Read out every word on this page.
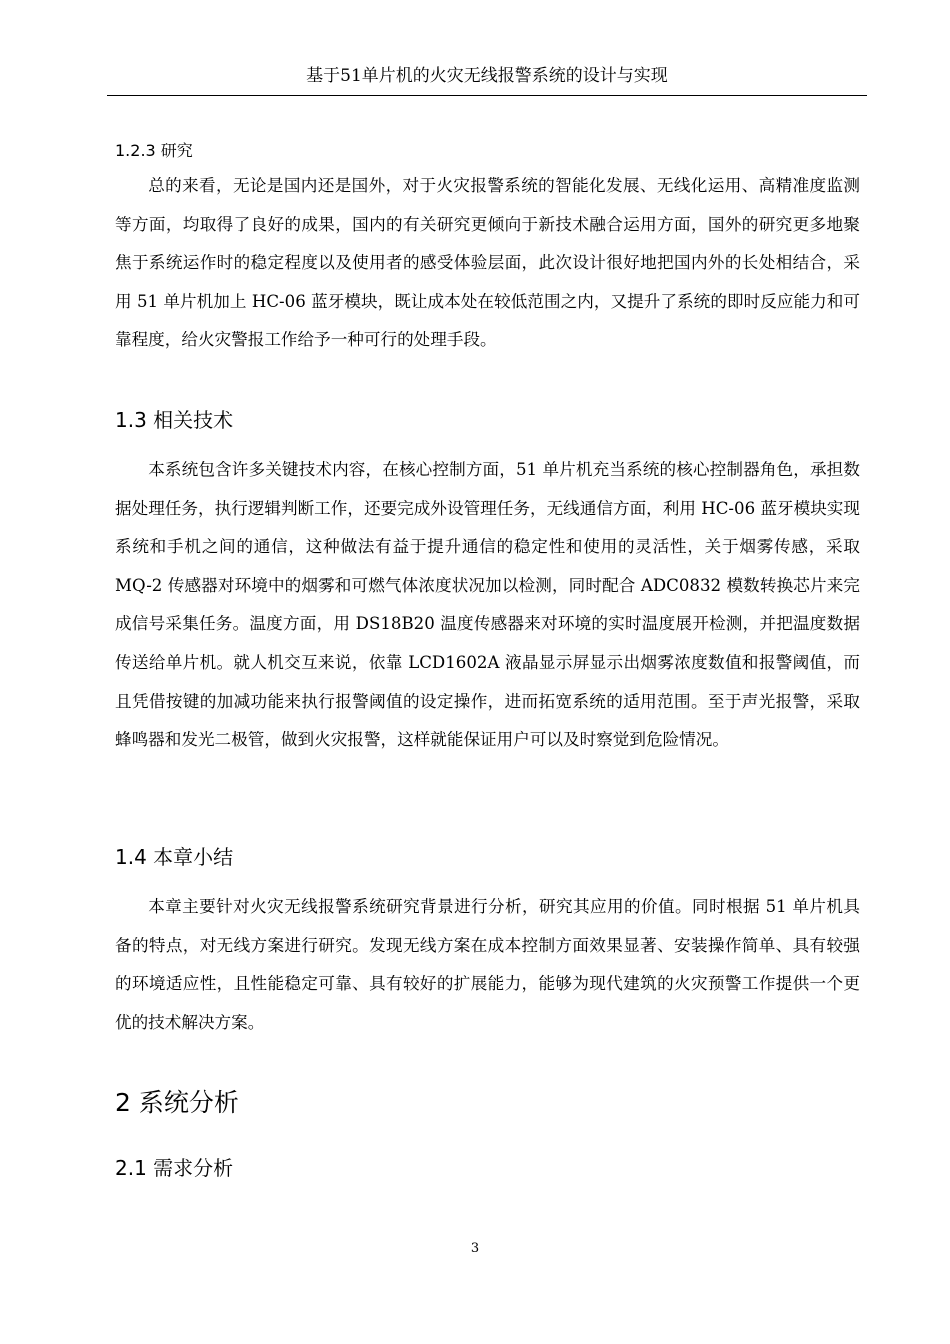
基于51单片机的火灾无线报警系统的设计与实现
1.2.3 研究

总的来看，无论是国内还是国外，对于火灾报警系统的智能化发展、无线化运用、高精准度监测等方面，均取得了良好的成果，国内的有关研究更倾向于新技术融合运用方面，国外的研究更多地聚焦于系统运作时的稳定程度以及使用者的感受体验层面，此次设计很好地把国内外的长处相结合，采用 51 单片机加上 HC-06 蓝牙模块，既让成本处在较低范围之内，又提升了系统的即时反应能力和可靠程度，给火灾警报工作给予一种可行的处理手段。

1.3 相关技术

本系统包含许多关键技术内容，在核心控制方面，51 单片机充当系统的核心控制器角色，承担数据处理任务，执行逻辑判断工作，还要完成外设管理任务，无线通信方面，利用 HC-06 蓝牙模块实现系统和手机之间的通信，这种做法有益于提升通信的稳定性和使用的灵活性，关于烟雾传感，采取 MQ-2 传感器对环境中的烟雾和可燃气体浓度状况加以检测，同时配合 ADC0832 模数转换芯片来完成信号采集任务。温度方面，用 DS18B20 温度传感器来对环境的实时温度展开检测，并把温度数据传送给单片机。就人机交互来说，依靠 LCD1602A 液晶显示屏显示出烟雾浓度数值和报警阈值，而且凭借按键的加减功能来执行报警阈值的设定操作，进而拓宽系统的适用范围。至于声光报警，采取蜂鸣器和发光二极管，做到火灾报警，这样就能保证用户可以及时察觉到危险情况。

1.4 本章小结

本章主要针对火灾无线报警系统研究背景进行分析，研究其应用的价值。同时根据 51 单片机具备的特点，对无线方案进行研究。发现无线方案在成本控制方面效果显著、安装操作简单、具有较强的环境适应性，且性能稳定可靠、具有较好的扩展能力，能够为现代建筑的火灾预警工作提供一个更优的技术解决方案。

2 系统分析
2.1 需求分析
3
